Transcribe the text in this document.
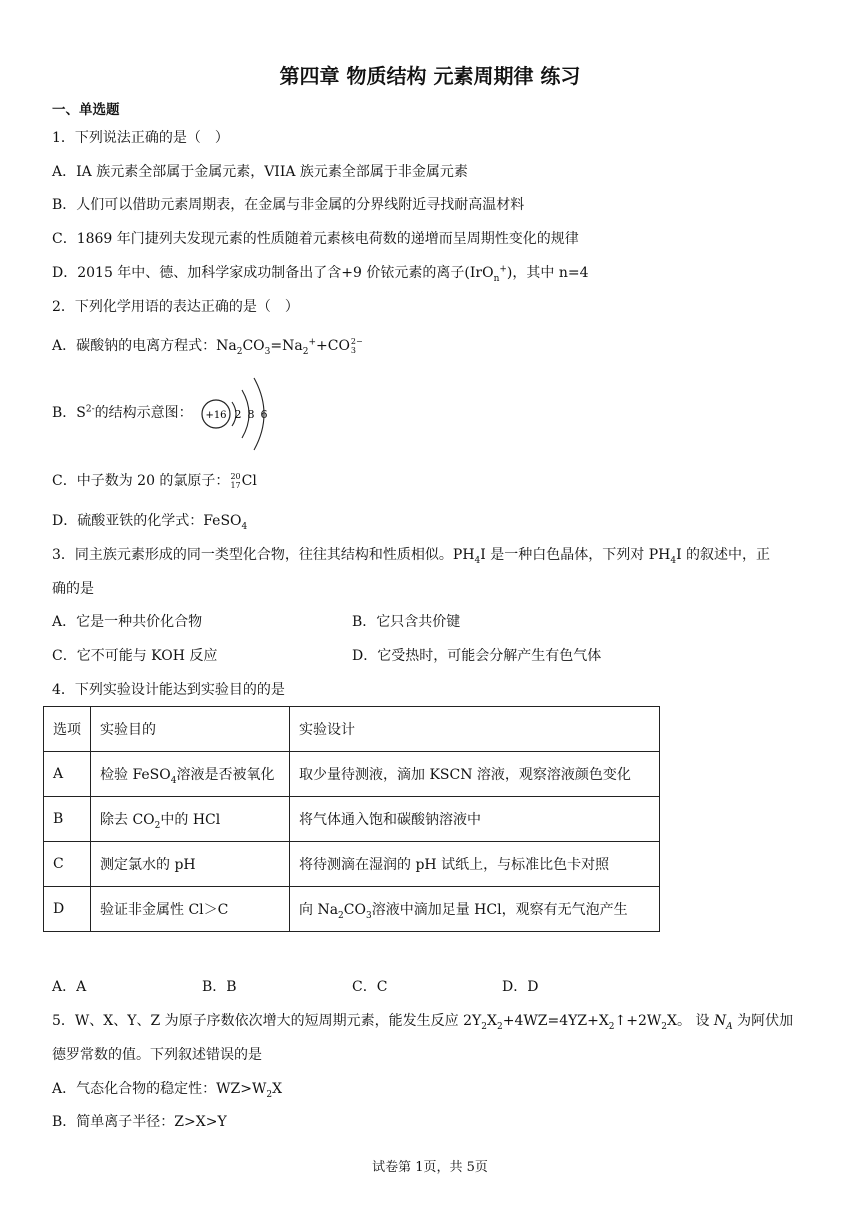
第四章 物质结构 元素周期律 练习
一、单选题
1．下列说法正确的是（　）
A．IA 族元素全部属于金属元素，VIIA 族元素全部属于非金属元素
B．人们可以借助元素周期表，在金属与非金属的分界线附近寻找耐高温材料
C．1869 年门捷列夫发现元素的性质随着元素核电荷数的递增而呈周期性变化的规律
D．2015 年中、德、加科学家成功制备出了含+9 价铱元素的离子(IrO$_n$+)，其中 n=4
2．下列化学用语的表达正确的是（　）
A．碳酸钠的电离方程式：$Na_2CO_3=Na_2^++CO$ 2−
3
B．$S^{2-}$的结构示意图： +16 2 8 6
C．中子数为 20 的氯原子： 20
17 Cl
D．硫酸亚铁的化学式：FeSO$_4$
3．同主族元素形成的同一类型化合物，往往其结构和性质相似。$PH_4I$ 是一种白色晶体，下列对 $PH_4I$ 的叙述中，正
确的是
A．它是一种共价化合物	B．它只含共价键
C．它不可能与 KOH 反应	D．它受热时，可能会分解产生有色气体
4．下列实验设计能达到实验目的的是
选项	实验目的	实验设计
A	检验 FeSO$_4$溶液是否被氧化	取少量待测液，滴加 KSCN 溶液，观察溶液颜色变化
B	除去 $CO_2$中的 HCl	将气体通入饱和碳酸钠溶液中
C	测定氯水的 pH	将待测滴在湿润的 pH 试纸上，与标准比色卡对照
D	验证非金属性 Cl＞C	向 $Na_2CO_3$溶液中滴加足量 HCl，观察有无气泡产生
A．A	B．B	C．C	D．D
5．W、X、Y、Z 为原子序数依次增大的短周期元素，能发生反应 $2Y_2X_2+4WZ=4YZ+X_2↑+2W_2X$。 设 $N_A$ 为阿伏加
德罗常数的值。下列叙述错误的是
A．气态化合物的稳定性：$WZ>W_2X$
B．简单离子半径：Z>X>Y
试卷第 1页，共 5页
